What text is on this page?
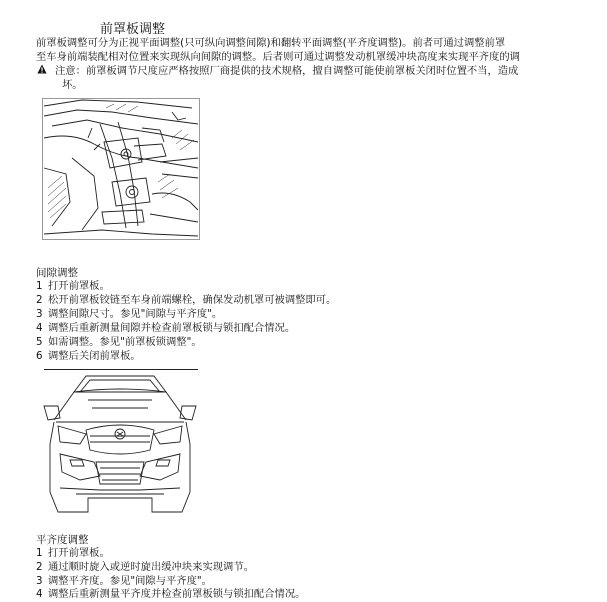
前罩板调整
前罩板调整可分为正视平面调整(只可纵向调整间隙)和翻转平面调整(平齐度调整)。前者可通过调整前罩
至车身前端装配相对位置来实现纵向间隙的调整。后者则可通过调整发动机罩缓冲块高度来实现平齐度的调
注意：前罩板调节尺度应严格按照厂商提供的技术规格，擅自调整可能使前罩板关闭时位置不当，造成
坏。
间隙调整
1 打开前罩板。
2 松开前罩板铰链至车身前端螺栓，确保发动机罩可被调整即可。
3 调整间隙尺寸。参见"间隙与平齐度"。
4 调整后重新测量间隙并检查前罩板锁与锁扣配合情况。
5 如需调整。参见"前罩板锁调整"。
6 调整后关闭前罩板。
平齐度调整
1 打开前罩板。
2 通过顺时旋入或逆时旋出缓冲块来实现调节。
3 调整平齐度。参见"间隙与平齐度"。
4 调整后重新测量平齐度并检查前罩板锁与锁扣配合情况。
